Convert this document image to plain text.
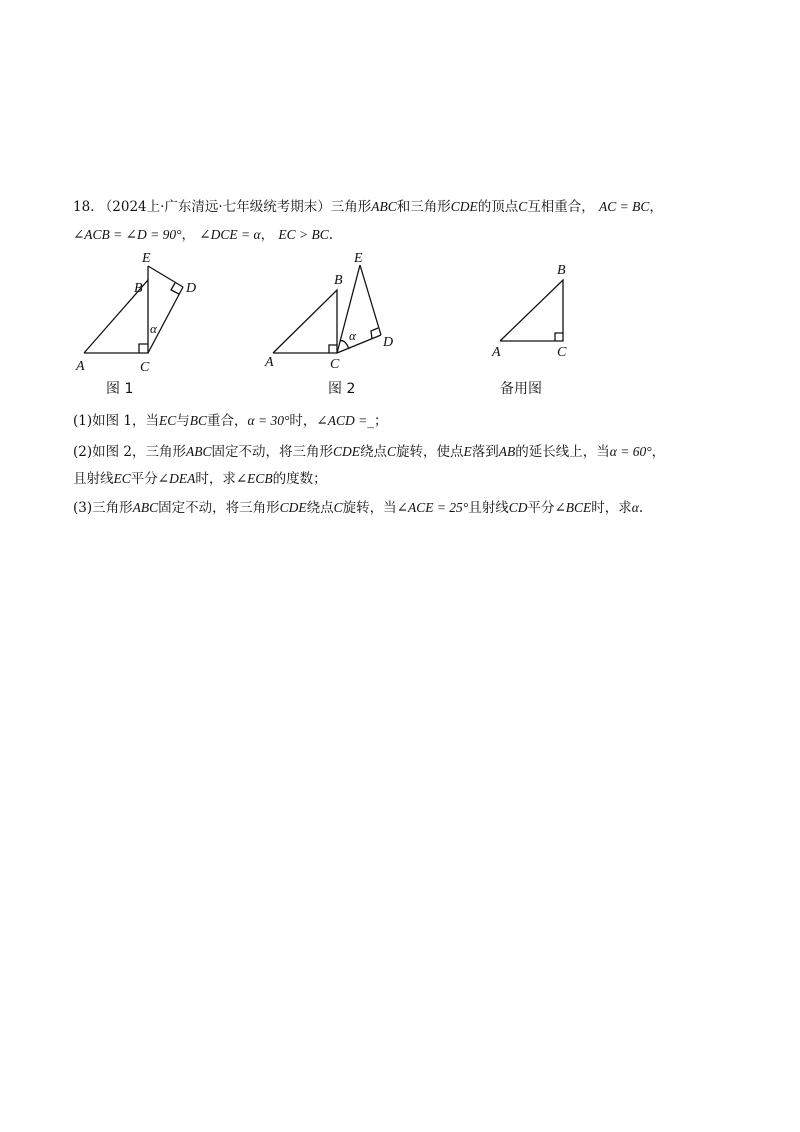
18. （2024上·广东清远·七年级统考期末）三角形ABC和三角形CDE的顶点C互相重合， AC = BC，
∠ACB = ∠D = 90°， ∠DCE = α， EC > BC.
A
B
C
D
E
α
图 1
A
B
C
D
E
α
图 2
A
B
C
备用图
(1)如图 1，当EC与BC重合，α = 30°时，∠ACD =_；
(2)如图 2，三角形ABC固定不动，将三角形CDE绕点C旋转，使点E落到AB的延长线上，当α = 60°，
且射线EC平分∠DEA时，求∠ECB的度数；
(3)三角形ABC固定不动，将三角形CDE绕点C旋转，当∠ACE = 25°且射线CD平分∠BCE时，求α.
